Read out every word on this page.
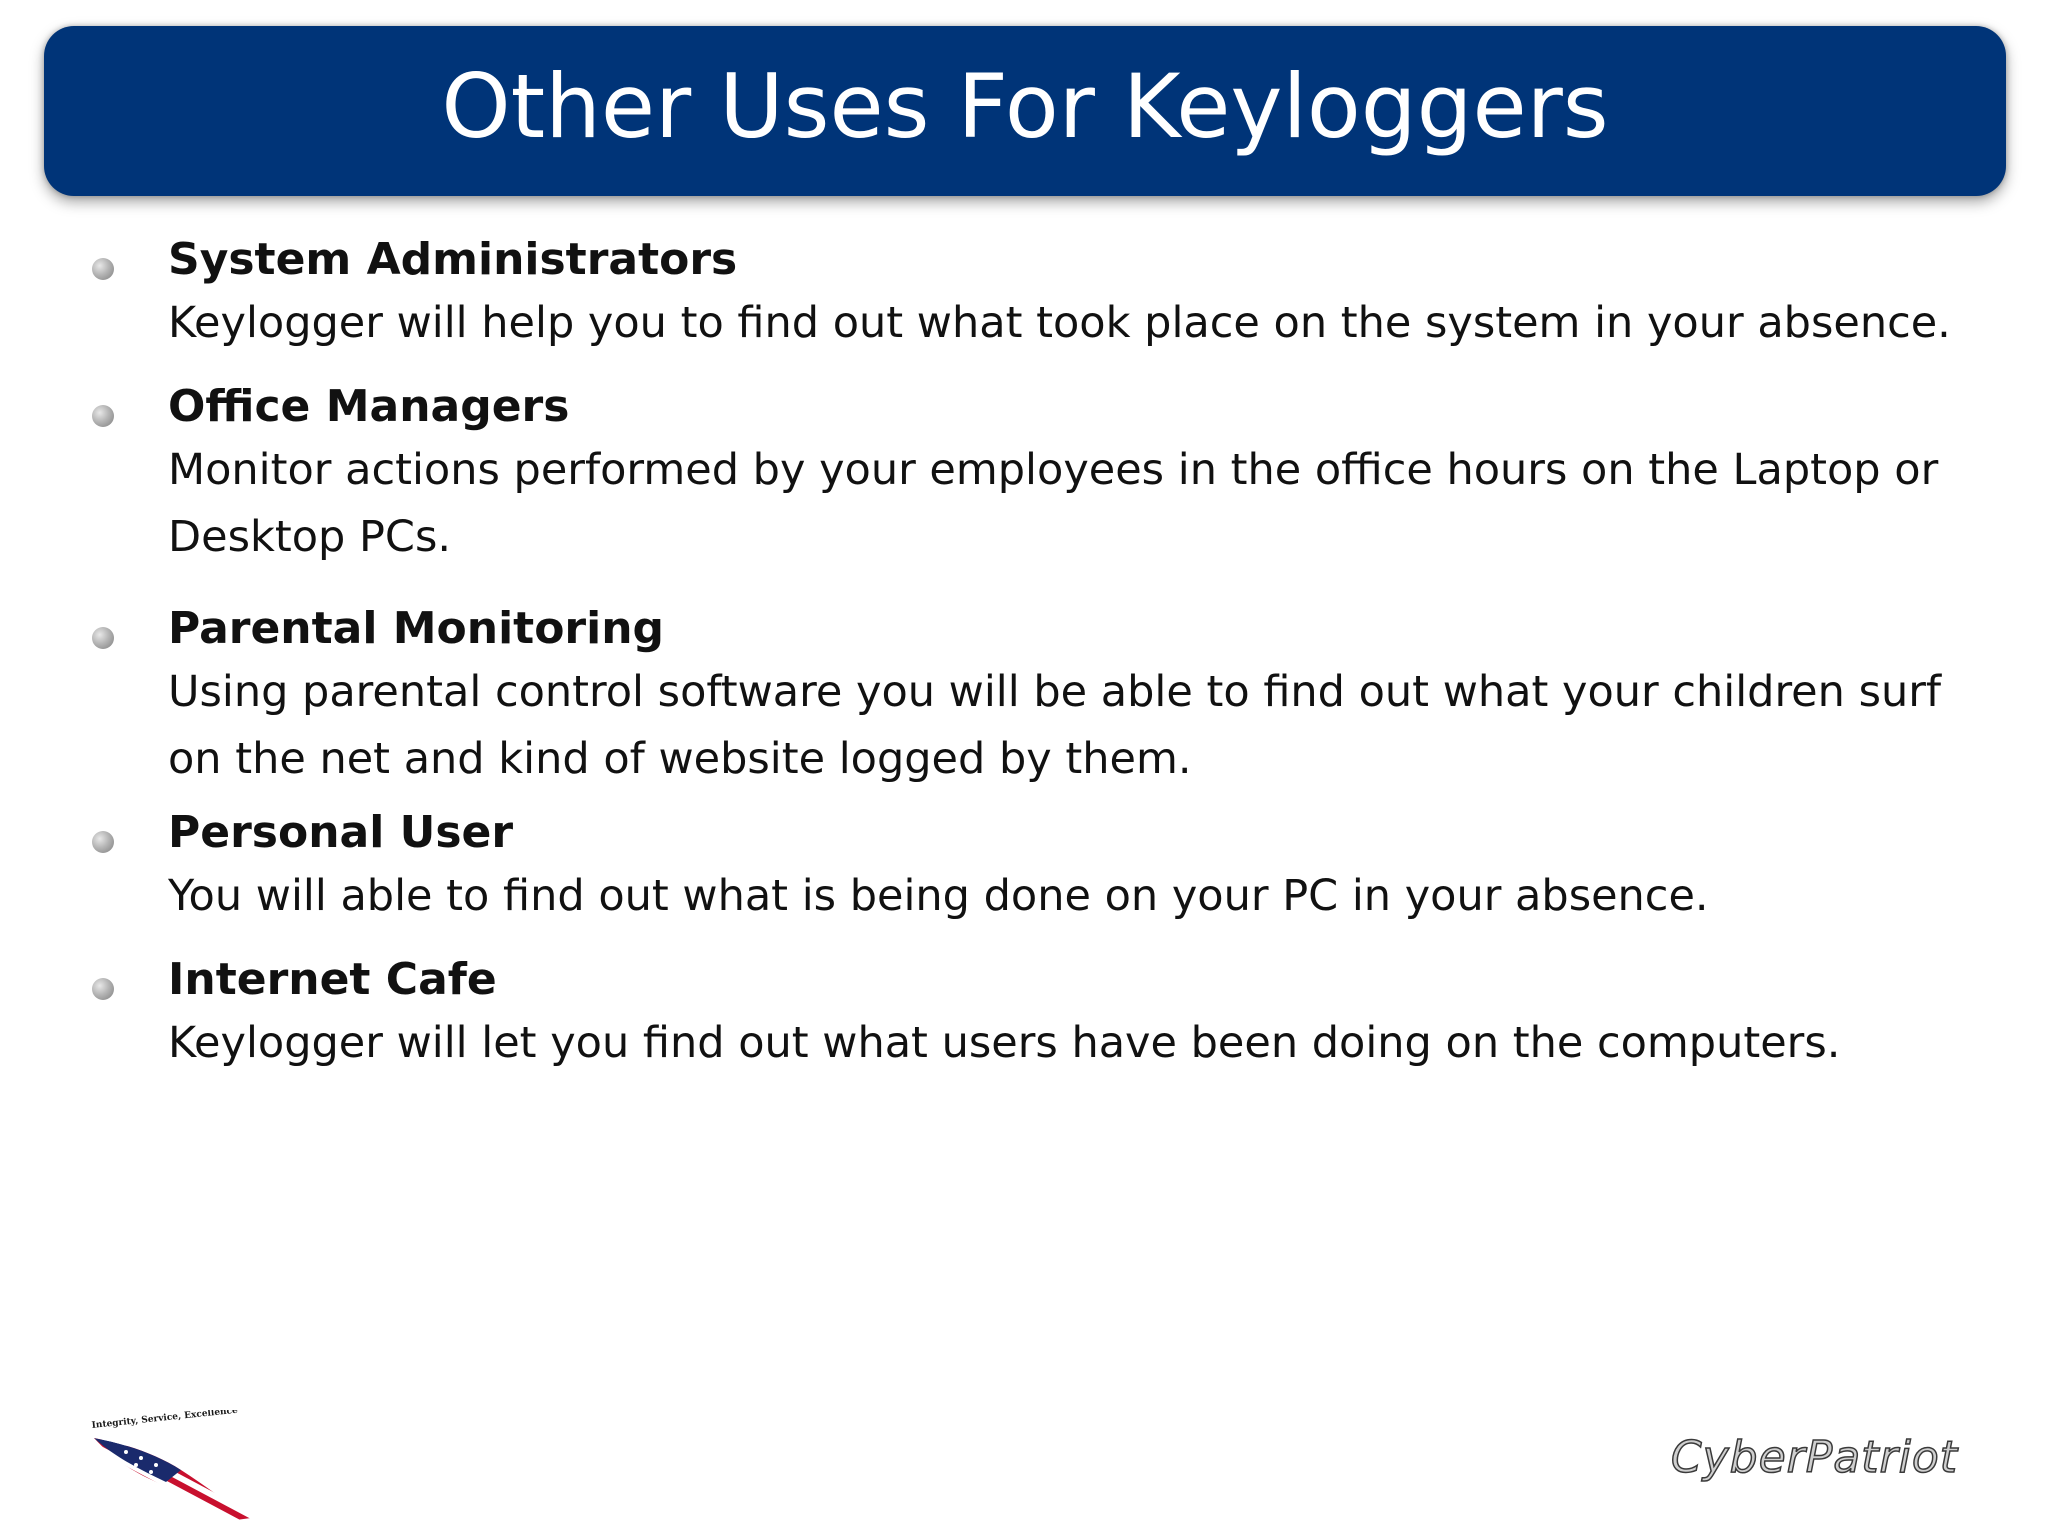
Other Uses For Keyloggers
System Administrators
Keylogger will help you to find out what took place on the system in your absence.
Office Managers
Monitor actions performed by your employees in the office hours on the Laptop or Desktop PCs.
Parental Monitoring
Using parental control software you will be able to find out what your children surf on the net and kind of website logged by them.
Personal User
You will able to find out what is being done on your PC in your absence.
Internet Cafe
Keylogger will let you find out what users have been doing on the computers.
Integrity, Service, Excellence
CyberPatriot
